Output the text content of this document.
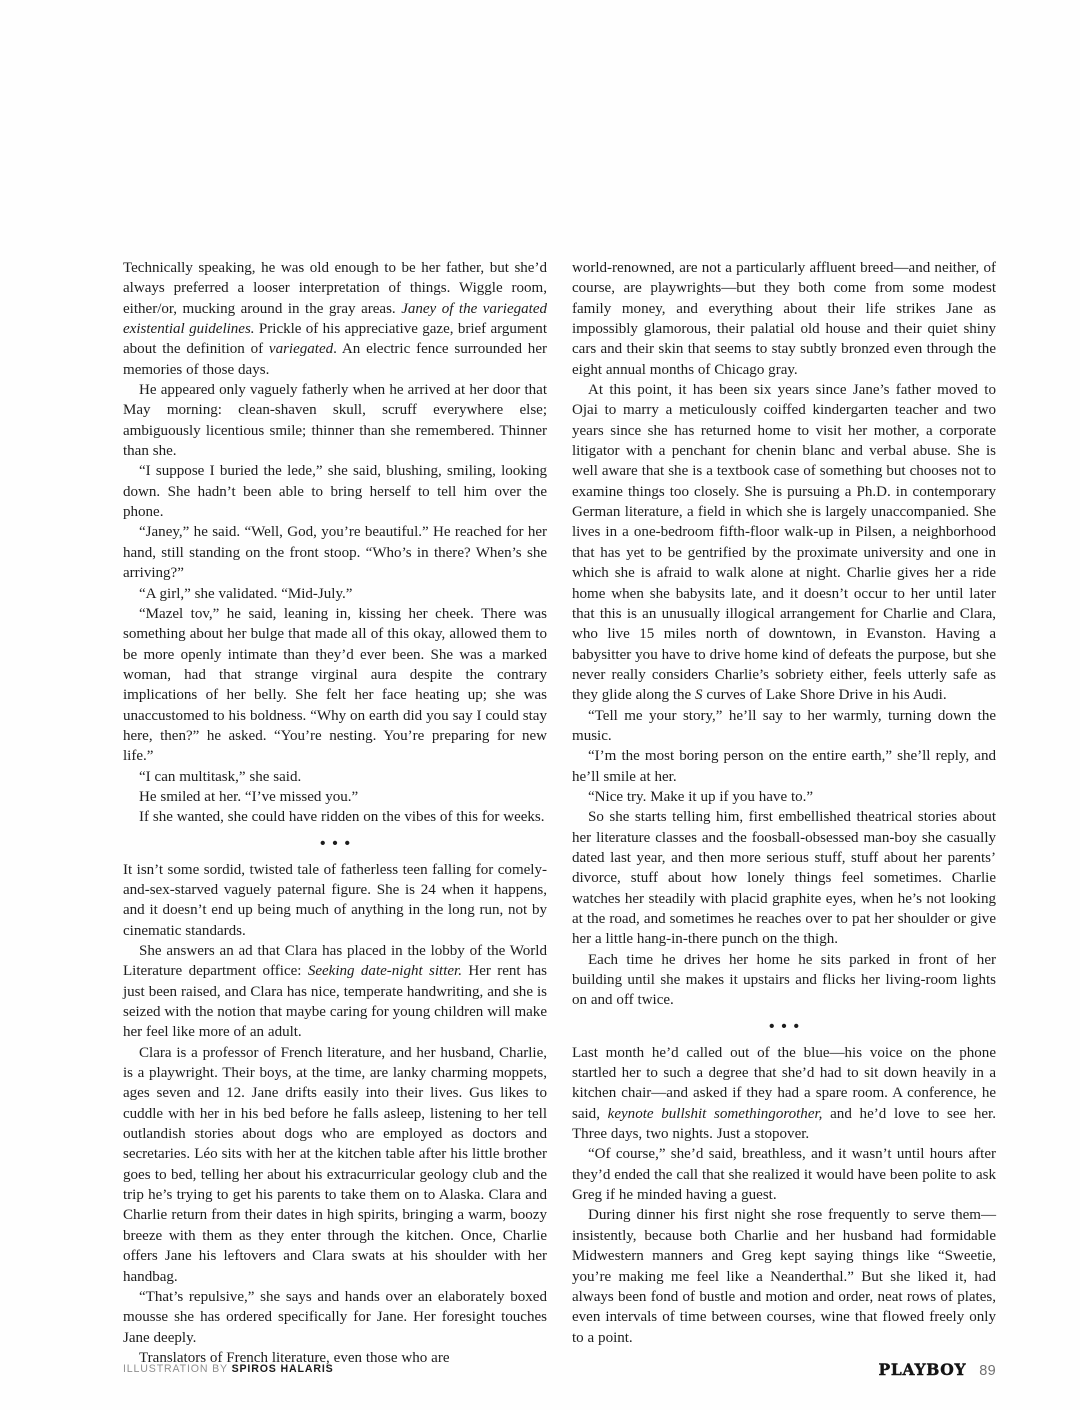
Technically speaking, he was old enough to be her father, but she’d always preferred a looser interpretation of things. Wiggle room, either/or, mucking around in the gray areas. Janey of the variegated existential guidelines. Prickle of his appreciative gaze, brief argument about the definition of variegated. An electric fence surrounded her memories of those days.

He appeared only vaguely fatherly when he arrived at her door that May morning: clean-shaven skull, scruff everywhere else; ambiguously licentious smile; thinner than she remembered. Thinner than she.

“I suppose I buried the lede,” she said, blushing, smiling, looking down. She hadn’t been able to bring herself to tell him over the phone.

“Janey,” he said. “Well, God, you’re beautiful.” He reached for her hand, still standing on the front stoop. “Who’s in there? When’s she arriving?”

“A girl,” she validated. “Mid-July.”

“Mazel tov,” he said, leaning in, kissing her cheek. There was something about her bulge that made all of this okay, allowed them to be more openly intimate than they’d ever been. She was a marked woman, had that strange virginal aura despite the contrary implications of her belly. She felt her face heating up; she was unaccustomed to his boldness. “Why on earth did you say I could stay here, then?” he asked. “You’re nesting. You’re preparing for new life.”

“I can multitask,” she said.

He smiled at her. “I’ve missed you.”

If she wanted, she could have ridden on the vibes of this for weeks.

•••

It isn’t some sordid, twisted tale of fatherless teen falling for comely-and-sex-starved vaguely paternal figure. She is 24 when it happens, and it doesn’t end up being much of anything in the long run, not by cinematic standards.

She answers an ad that Clara has placed in the lobby of the World Literature department office: Seeking date-night sitter. Her rent has just been raised, and Clara has nice, temperate handwriting, and she is seized with the notion that maybe caring for young children will make her feel like more of an adult.

Clara is a professor of French literature, and her husband, Charlie, is a playwright. Their boys, at the time, are lanky charming moppets, ages seven and 12. Jane drifts easily into their lives. Gus likes to cuddle with her in his bed before he falls asleep, listening to her tell outlandish stories about dogs who are employed as doctors and secretaries. Léo sits with her at the kitchen table after his little brother goes to bed, telling her about his extracurricular geology club and the trip he’s trying to get his parents to take them on to Alaska. Clara and Charlie return from their dates in high spirits, bringing a warm, boozy breeze with them as they enter through the kitchen. Once, Charlie offers Jane his leftovers and Clara swats at his shoulder with her handbag.

“That’s repulsive,” she says and hands over an elaborately boxed mousse she has ordered specifically for Jane. Her foresight touches Jane deeply.

Translators of French literature, even those who are

world-renowned, are not a particularly affluent breed—and neither, of course, are playwrights—but they both come from some modest family money, and everything about their life strikes Jane as impossibly glamorous, their palatial old house and their quiet shiny cars and their skin that seems to stay subtly bronzed even through the eight annual months of Chicago gray.

At this point, it has been six years since Jane’s father moved to Ojai to marry a meticulously coiffed kindergarten teacher and two years since she has returned home to visit her mother, a corporate litigator with a penchant for chenin blanc and verbal abuse. She is well aware that she is a textbook case of something but chooses not to examine things too closely. She is pursuing a Ph.D. in contemporary German literature, a field in which she is largely unaccompanied. She lives in a one-bedroom fifth-floor walk-up in Pilsen, a neighborhood that has yet to be gentrified by the proximate university and one in which she is afraid to walk alone at night. Charlie gives her a ride home when she babysits late, and it doesn’t occur to her until later that this is an unusually illogical arrangement for Charlie and Clara, who live 15 miles north of downtown, in Evanston. Having a babysitter you have to drive home kind of defeats the purpose, but she never really considers Charlie’s sobriety either, feels utterly safe as they glide along the S curves of Lake Shore Drive in his Audi.

“Tell me your story,” he’ll say to her warmly, turning down the music.

“I’m the most boring person on the entire earth,” she’ll reply, and he’ll smile at her.

“Nice try. Make it up if you have to.”

So she starts telling him, first embellished theatrical stories about her literature classes and the foosball-obsessed man-boy she casually dated last year, and then more serious stuff, stuff about her parents’ divorce, stuff about how lonely things feel sometimes. Charlie watches her steadily with placid graphite eyes, when he’s not looking at the road, and sometimes he reaches over to pat her shoulder or give her a little hang-in-there punch on the thigh.

Each time he drives her home he sits parked in front of her building until she makes it upstairs and flicks her living-room lights on and off twice.

•••

Last month he’d called out of the blue—his voice on the phone startled her to such a degree that she’d had to sit down heavily in a kitchen chair—and asked if they had a spare room. A conference, he said, keynote bullshit somethingorother, and he’d love to see her. Three days, two nights. Just a stopover.

“Of course,” she’d said, breathless, and it wasn’t until hours after they’d ended the call that she realized it would have been polite to ask Greg if he minded having a guest.

During dinner his first night she rose frequently to serve them—insistently, because both Charlie and her husband had formidable Midwestern manners and Greg kept saying things like “Sweetie, you’re making me feel like a Neanderthal.” But she liked it, had always been fond of bustle and motion and order, neat rows of plates, even intervals of time between courses, wine that flowed freely only to a point.

ILLUSTRATION BY SPIROS HALARIS	PLAYBOY 89
